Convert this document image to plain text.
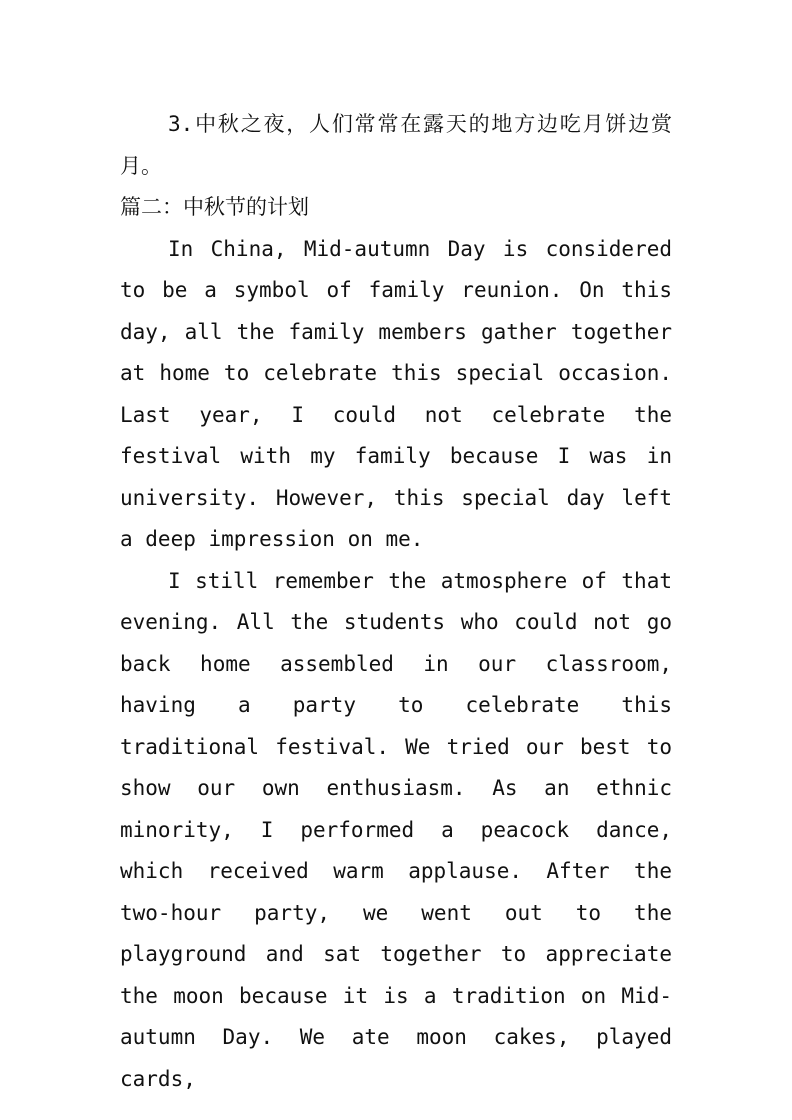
3.中秋之夜，人们常常在露天的地方边吃月饼边赏月。

篇二：中秋节的计划

In China, Mid-autumn Day is considered to be a symbol of family reunion. On this day, all the family members gather together at home to celebrate this special occasion. Last year, I could not celebrate the festival with my family because I was in university. However, this special day left a deep impression on me.

I still remember the atmosphere of that evening. All the students who could not go back home assembled in our classroom, having a party to celebrate this traditional festival. We tried our best to show our own enthusiasm. As an ethnic minority, I performed a peacock dance, which received warm applause. After the two-hour party, we went out to the playground and sat together to appreciate the moon because it is a tradition on Mid-autumn Day. We ate moon cakes, played cards,
